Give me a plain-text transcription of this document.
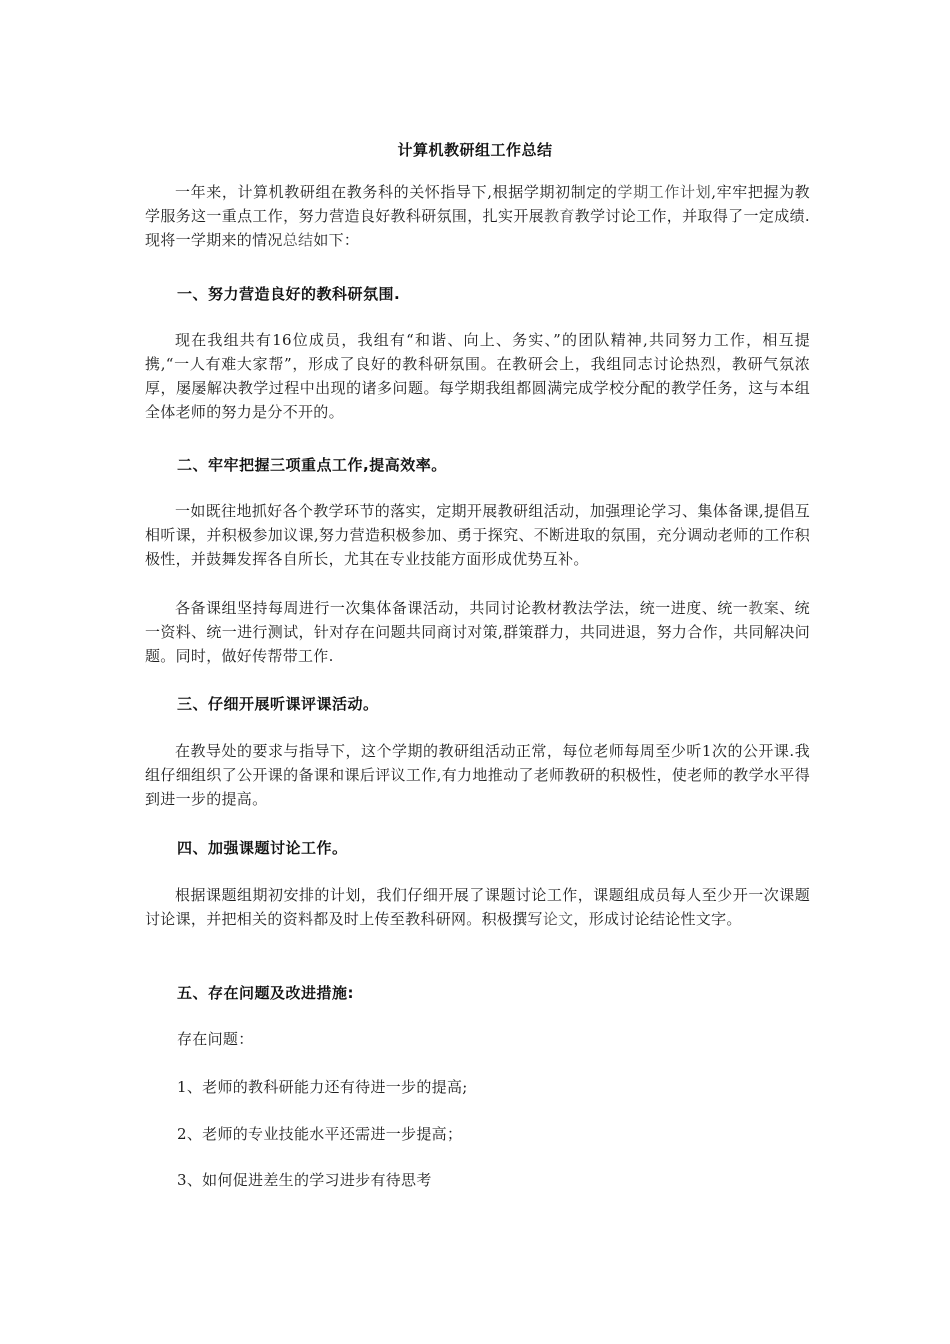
计算机教研组工作总结
一年来，计算机教研组在教务科的关怀指导下,根据学期初制定的学期工作计划,牢牢把握为教学服务这一重点工作，努力营造良好教科研氛围，扎实开展教育教学讨论工作，并取得了一定成绩.现将一学期来的情况总结如下：
一、努力营造良好的教科研氛围.
现在我组共有16位成员，我组有“和谐、向上、务实、”的团队精神,共同努力工作，相互提携,“一人有难大家帮”，形成了良好的教科研氛围。在教研会上，我组同志讨论热烈，教研气氛浓厚，屡屡解决教学过程中出现的诸多问题。每学期我组都圆满完成学校分配的教学任务，这与本组全体老师的努力是分不开的。
二、牢牢把握三项重点工作,提高效率。
一如既往地抓好各个教学环节的落实，定期开展教研组活动，加强理论学习、集体备课,提倡互相听课，并积极参加议课,努力营造积极参加、勇于探究、不断进取的氛围，充分调动老师的工作积极性，并鼓舞发挥各自所长，尤其在专业技能方面形成优势互补。
各备课组坚持每周进行一次集体备课活动，共同讨论教材教法学法，统一进度、统一教案、统一资料、统一进行测试，针对存在问题共同商讨对策,群策群力，共同进退，努力合作，共同解决问题。同时，做好传帮带工作.
三、仔细开展听课评课活动。
在教导处的要求与指导下，这个学期的教研组活动正常，每位老师每周至少听1次的公开课.我组仔细组织了公开课的备课和课后评议工作,有力地推动了老师教研的积极性，使老师的教学水平得到进一步的提高。
四、加强课题讨论工作。
根据课题组期初安排的计划，我们仔细开展了课题讨论工作，课题组成员每人至少开一次课题讨论课，并把相关的资料都及时上传至教科研网。积极撰写论文，形成讨论结论性文字。
五、存在问题及改进措施:
存在问题：
1、老师的教科研能力还有待进一步的提高;
2、老师的专业技能水平还需进一步提高；
3、如何促进差生的学习进步有待思考
